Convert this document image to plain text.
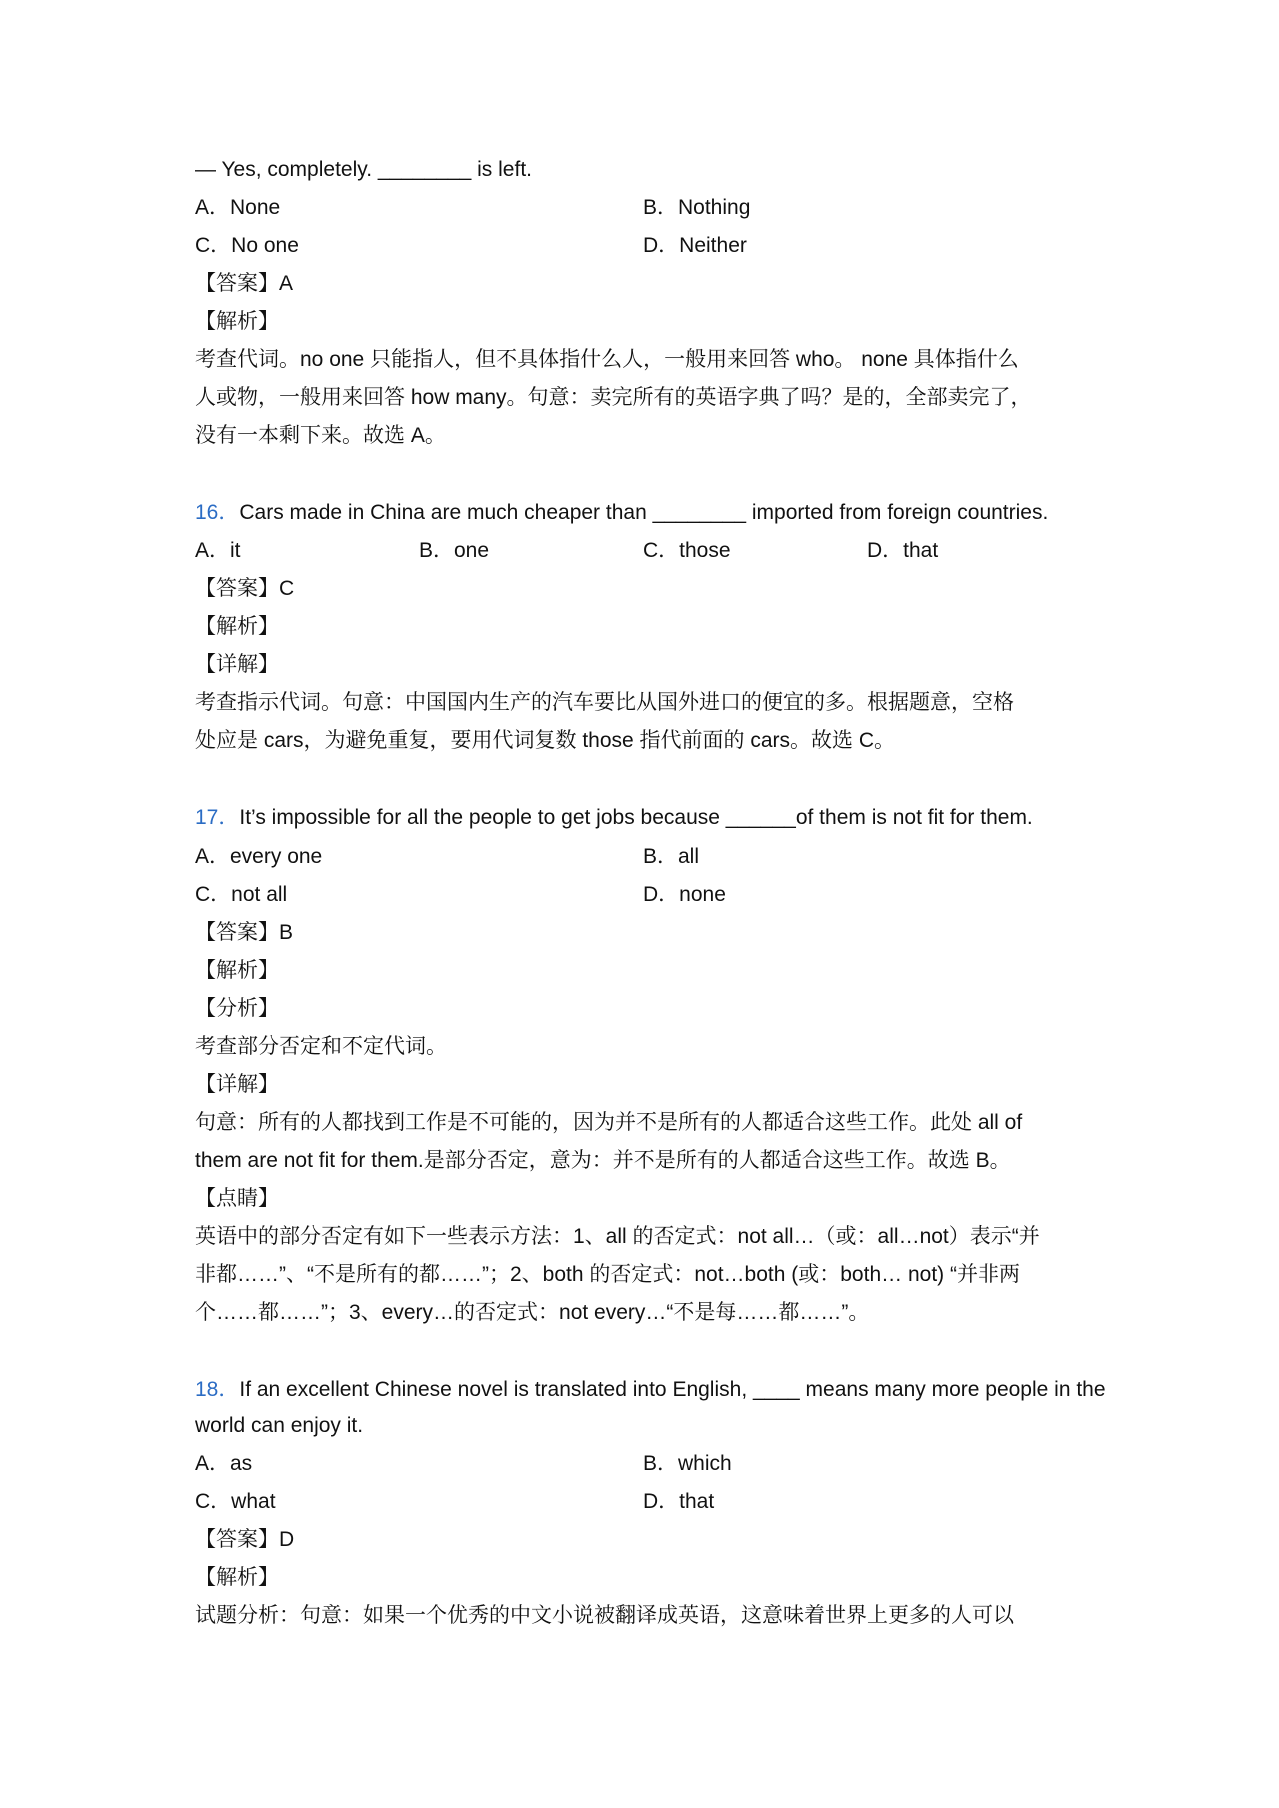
— Yes, completely. ________ is left.
A．None	B．Nothing
C．No one	D．Neither
【答案】A
【解析】
考查代词。no one 只能指人，但不具体指什么人，一般用来回答 who。 none 具体指什么
人或物，一般用来回答 how many。句意：卖完所有的英语字典了吗？是的，全部卖完了，
没有一本剩下来。故选 A。
16．Cars made in China are much cheaper than ________ imported from foreign countries.
A．it	B．one	C．those	D．that
【答案】C
【解析】
【详解】
考查指示代词。句意：中国国内生产的汽车要比从国外进口的便宜的多。根据题意，空格
处应是 cars，为避免重复，要用代词复数 those 指代前面的 cars。故选 C。
17．It’s impossible for all the people to get jobs because ______of them is not fit for them.
A．every one	B．all
C．not all	D．none
【答案】B
【解析】
【分析】
考查部分否定和不定代词。
【详解】
句意：所有的人都找到工作是不可能的，因为并不是所有的人都适合这些工作。此处 all of
them are not fit for them.是部分否定，意为：并不是所有的人都适合这些工作。故选 B。
【点睛】
英语中的部分否定有如下一些表示方法：1、all 的否定式：not all…（或：all…not）表示“并
非都……”、“不是所有的都……”；2、both 的否定式：not…both (或：both… not) “并非两
个……都……”；3、every…的否定式：not every…“不是每……都……”。
18．If an excellent Chinese novel is translated into English, ____ means many more people in the
world can enjoy it.
A．as	B．which
C．what	D．that
【答案】D
【解析】
试题分析：句意：如果一个优秀的中文小说被翻译成英语，这意味着世界上更多的人可以
